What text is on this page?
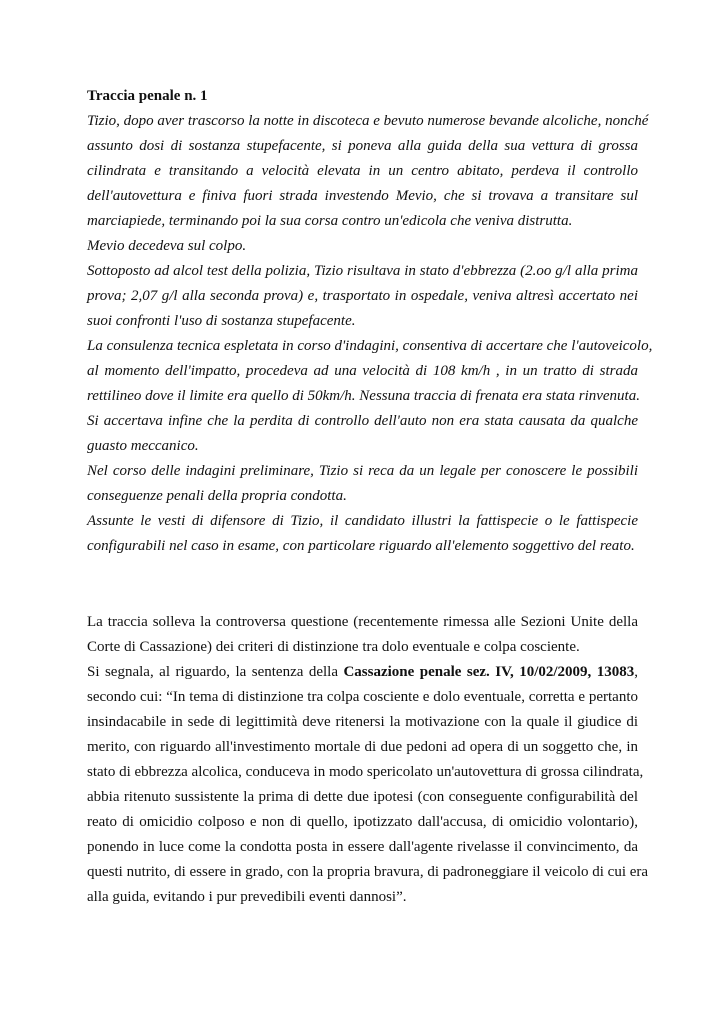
Traccia penale n. 1
Tizio, dopo aver trascorso la notte in discoteca e bevuto numerose bevande alcoliche, nonché
assunto dosi di sostanza stupefacente, si poneva alla guida della sua vettura di grossa
cilindrata e transitando a velocità elevata in un centro abitato, perdeva il controllo
dell'autovettura e finiva fuori strada investendo Mevio, che si trovava a transitare sul
marciapiede, terminando poi la sua corsa contro un'edicola che veniva distrutta.
Mevio decedeva sul colpo.
Sottoposto ad alcol test della polizia, Tizio risultava in stato d'ebbrezza (2.oo g/l alla prima
prova; 2,07 g/l alla seconda prova) e, trasportato in ospedale, veniva altresì accertato nei
suoi confronti l'uso di sostanza stupefacente.
La consulenza tecnica espletata in corso d'indagini, consentiva di accertare che l'autoveicolo,
al momento dell'impatto, procedeva ad una velocità di 108 km/h , in un tratto di strada
rettilineo dove il limite era quello di 50km/h. Nessuna traccia di frenata era stata rinvenuta.
Si accertava infine che la perdita di controllo dell'auto non era stata causata da qualche
guasto meccanico.
Nel corso delle indagini preliminare, Tizio si reca da un legale per conoscere le possibili
conseguenze penali della propria condotta.
Assunte le vesti di difensore di Tizio, il candidato illustri la fattispecie o le fattispecie
configurabili nel caso in esame, con particolare riguardo all'elemento soggettivo del reato.
La traccia solleva la controversa questione (recentemente rimessa alle Sezioni Unite della
Corte di Cassazione) dei criteri di distinzione tra dolo eventuale e colpa cosciente.
Si segnala, al riguardo, la sentenza della Cassazione penale sez. IV, 10/02/2009, 13083,
secondo cui: “In tema di distinzione tra colpa cosciente e dolo eventuale, corretta e pertanto
insindacabile in sede di legittimità deve ritenersi la motivazione con la quale il giudice di
merito, con riguardo all'investimento mortale di due pedoni ad opera di un soggetto che, in
stato di ebbrezza alcolica, conduceva in modo spericolato un'autovettura di grossa cilindrata,
abbia ritenuto sussistente la prima di dette due ipotesi (con conseguente configurabilità del
reato di omicidio colposo e non di quello, ipotizzato dall'accusa, di omicidio volontario),
ponendo in luce come la condotta posta in essere dall'agente rivelasse il convincimento, da
questi nutrito, di essere in grado, con la propria bravura, di padroneggiare il veicolo di cui era
alla guida, evitando i pur prevedibili eventi dannosi”.
